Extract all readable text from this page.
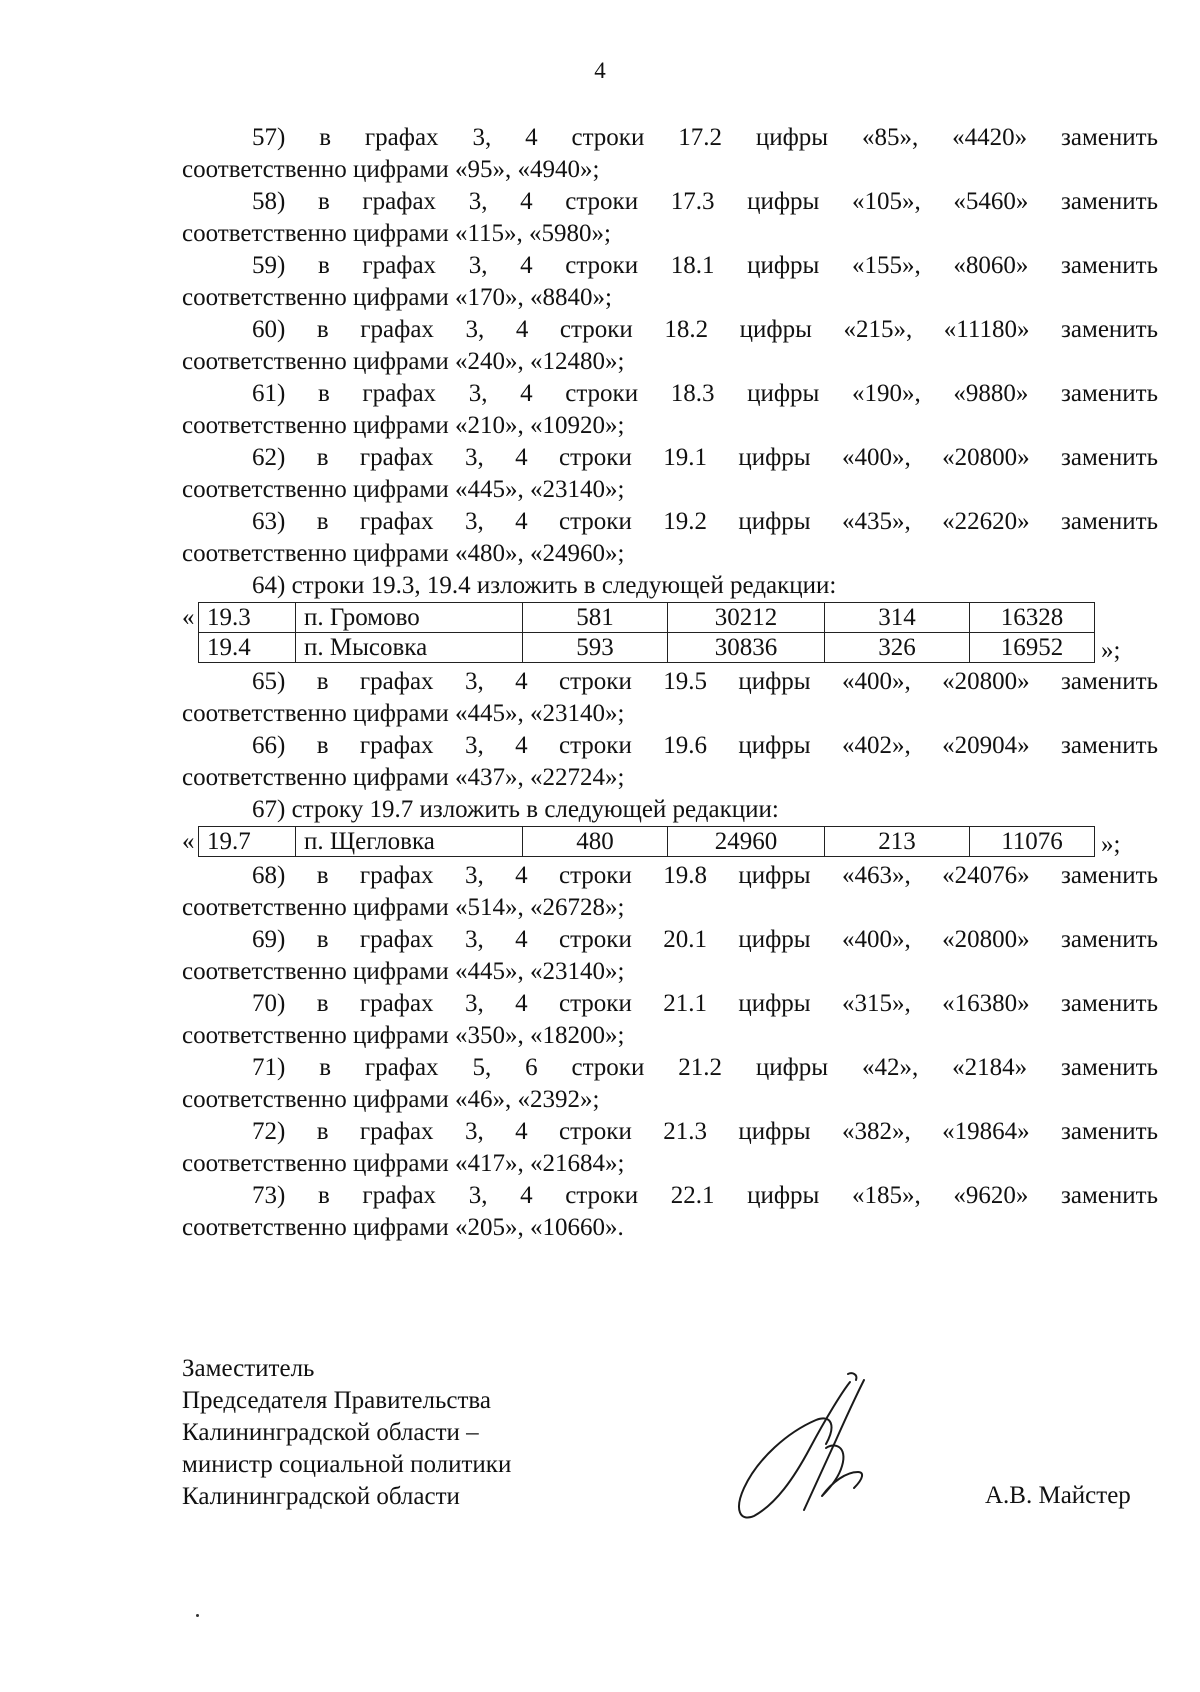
4
57) в графах 3, 4 строки 17.2 цифры «85», «4420» заменить
соответственно цифрами «95», «4940»;
58) в графах 3, 4 строки 17.3 цифры «105», «5460» заменить
соответственно цифрами «115», «5980»;
59) в графах 3, 4 строки 18.1 цифры «155», «8060» заменить
соответственно цифрами «170», «8840»;
60) в графах 3, 4 строки 18.2 цифры «215», «11180» заменить
соответственно цифрами «240», «12480»;
61) в графах 3, 4 строки 18.3 цифры «190», «9880» заменить
соответственно цифрами «210», «10920»;
62) в графах 3, 4 строки 19.1 цифры «400», «20800» заменить
соответственно цифрами «445», «23140»;
63) в графах 3, 4 строки 19.2 цифры «435», «22620» заменить
соответственно цифрами «480», «24960»;
64) строки 19.3, 19.4 изложить в следующей редакции:
« 19.3	п. Громово	581	30212	314	16328
19.4	п. Мысовка	593	30836	326	16952 »;
65) в графах 3, 4 строки 19.5 цифры «400», «20800» заменить
соответственно цифрами «445», «23140»;
66) в графах 3, 4 строки 19.6 цифры «402», «20904» заменить
соответственно цифрами «437», «22724»;
67) строку 19.7 изложить в следующей редакции:
« 19.7	п. Щегловка	480	24960	213	11076 »;
68) в графах 3, 4 строки 19.8 цифры «463», «24076» заменить
соответственно цифрами «514», «26728»;
69) в графах 3, 4 строки 20.1 цифры «400», «20800» заменить
соответственно цифрами «445», «23140»;
70) в графах 3, 4 строки 21.1 цифры «315», «16380» заменить
соответственно цифрами «350», «18200»;
71) в графах 5, 6 строки 21.2 цифры «42», «2184» заменить
соответственно цифрами «46», «2392»;
72) в графах 3, 4 строки 21.3 цифры «382», «19864» заменить
соответственно цифрами «417», «21684»;
73) в графах 3, 4 строки 22.1 цифры «185», «9620» заменить
соответственно цифрами «205», «10660».
Заместитель
Председателя Правительства
Калининградской области –
министр социальной политики
Калининградской области	А.В. Майстер
